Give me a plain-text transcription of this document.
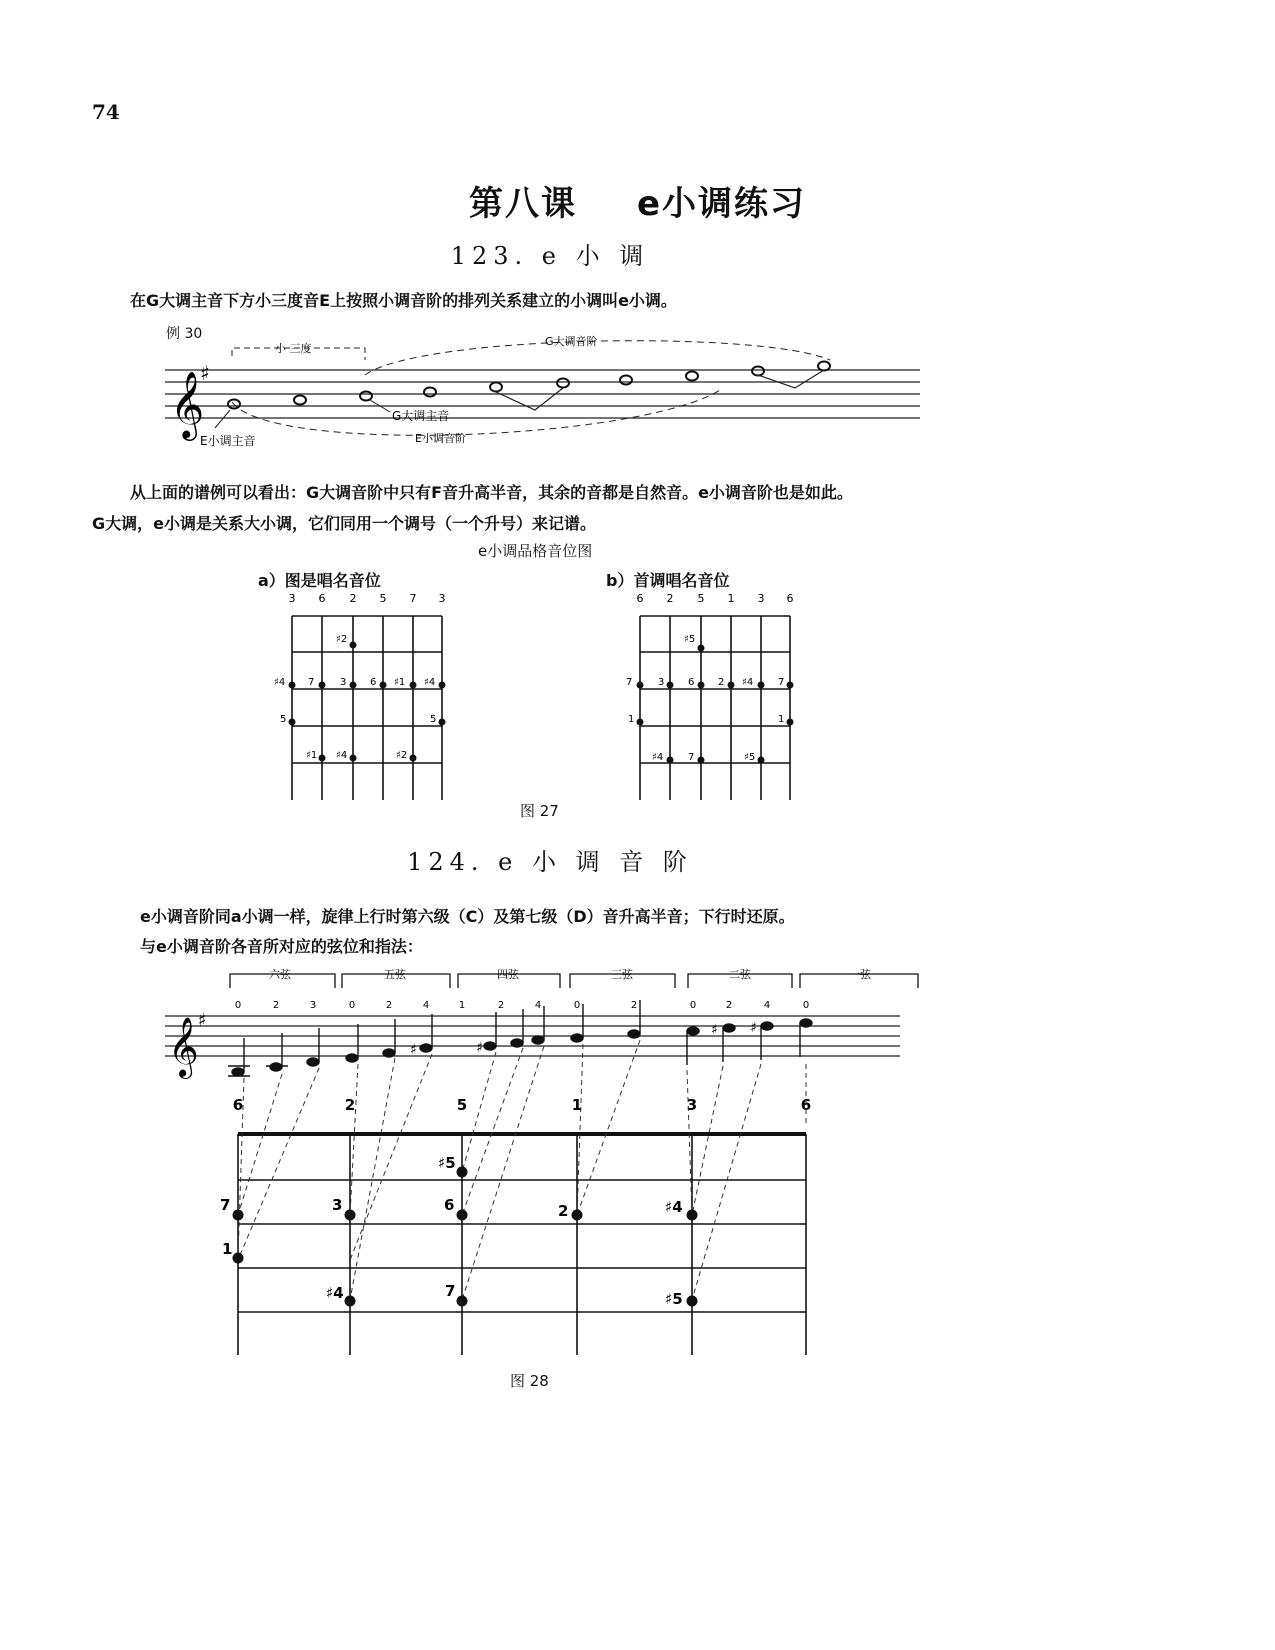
74
第八课 e小调练习
123. e 小 调
在G大调主音下方小三度音E上按照小调音阶的排列关系建立的小调叫e小调。
例 30
𝄞
♯
小 三度
G大调音阶
E小调音阶
G大调主音
E小调主音
从上面的谱例可以看出：G大调音阶中只有F音升高半音，其余的音都是自然音。e小调音阶也是如此。
G大调，e小调是关系大小调，它们同用一个调号（一个升号）来记谱。
e小调品格音位图
a）图是唱名音位	b）首调唱名音位
3 6 2 5 7 3
♯2
♯4 7	3 6 ♯1 ♯4
5	5
♯1 ♯4	♯2
6 2 5 1 3 6
♯5
7	3 6 2 ♯4 7
1	1
♯4 7	♯5
图 27
124. e 小 调 音 阶
e小调音阶同a小调一样，旋律上行时第六级（C）及第七级（D）音升高半音；下行时还原。
与e小调音阶各音所对应的弦位和指法：
六弦	五弦	四弦	三弦	二弦	一弦
0	2	3	0	2	4	1	2	4	0	2	0	2	4	0
𝄞 ♯
♯	♯
♯ ♯
6	2	5	1	3	6
♯5
7	3	6	2	♯4
1
♯4	7	♯5
图 28
